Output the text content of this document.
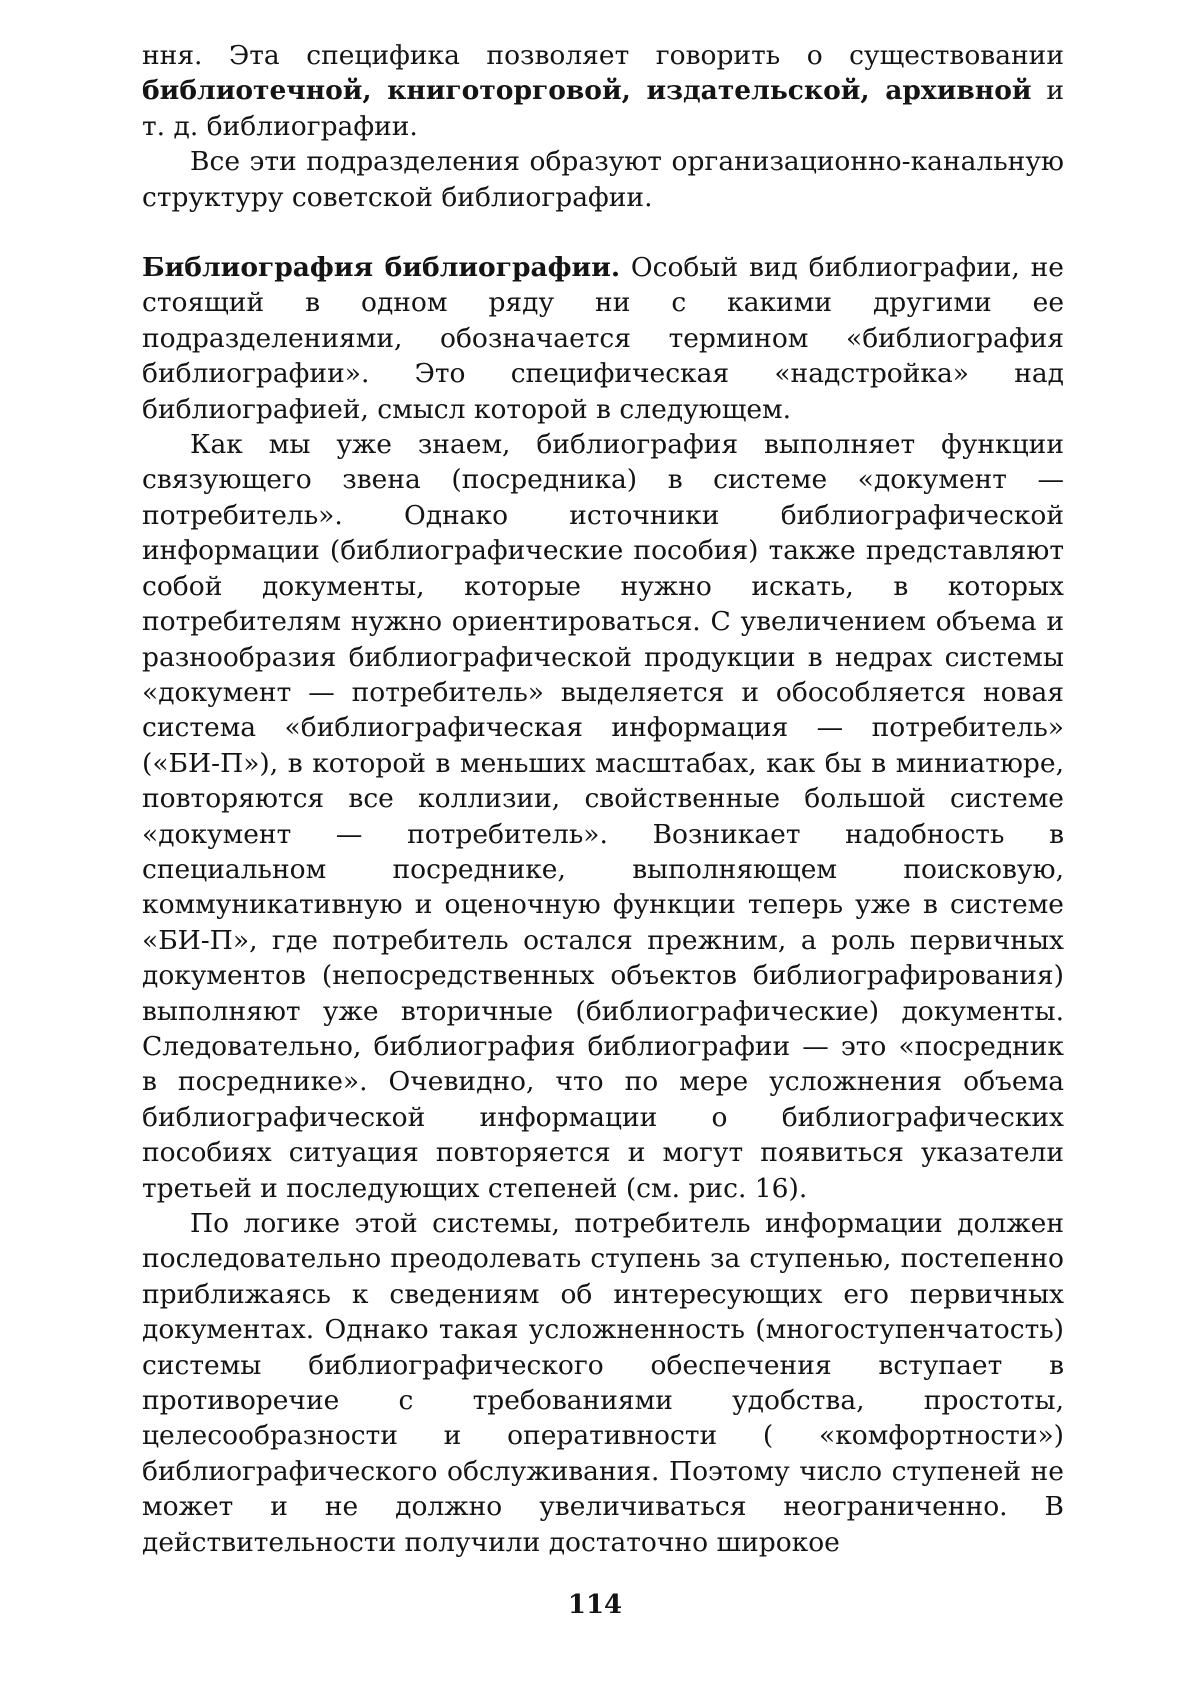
ння. Эта специфика позволяет говорить о существовании библиотечной, книготорговой, издательской, архивной и т. д. библиографии.

Все эти подразделения образуют организационно-канальную структуру советской библиографии.

Библиография библиографии. Особый вид библиографии, не стоящий в одном ряду ни с какими другими ее подразделениями, обозначается термином «библиография библиографии». Это специфическая «надстройка» над библиографией, смысл которой в следующем.

Как мы уже знаем, библиография выполняет функции связующего звена (посредника) в системе «документ — потребитель». Однако источники библиографической информации (библиографические пособия) также представляют собой документы, которые нужно искать, в которых потребителям нужно ориентироваться. С увеличением объема и разнообразия библиографической продукции в недрах системы «документ — потребитель» выделяется и обособляется новая система «библиографическая информация — потребитель» («БИ-П»), в которой в меньших масштабах, как бы в миниатюре, повторяются все коллизии, свойственные большой системе «документ — потребитель». Возникает надобность в специальном посреднике, выполняющем поисковую, коммуникативную и оценочную функции теперь уже в системе «БИ-П», где потребитель остался прежним, а роль первичных документов (непосредственных объектов библиографирования) выполняют уже вторичные (библиографические) документы. Следовательно, библиография библиографии — это «посредник в посреднике». Очевидно, что по мере усложнения объема библиографической информации о библиографических пособиях ситуация повторяется и могут появиться указатели третьей и последующих степеней (см. рис. 16).

По логике этой системы, потребитель информации должен последовательно преодолевать ступень за ступенью, постепенно приближаясь к сведениям об интересующих его первичных документах. Однако такая усложненность (многоступенчатость) системы библиографического обеспечения вступает в противоречие с требованиями удобства, простоты, целесообразности и оперативности ( «комфортности») библиографического обслуживания. Поэтому число ступеней не может и не должно увеличиваться неограниченно. В действительности получили достаточно широкое

114
